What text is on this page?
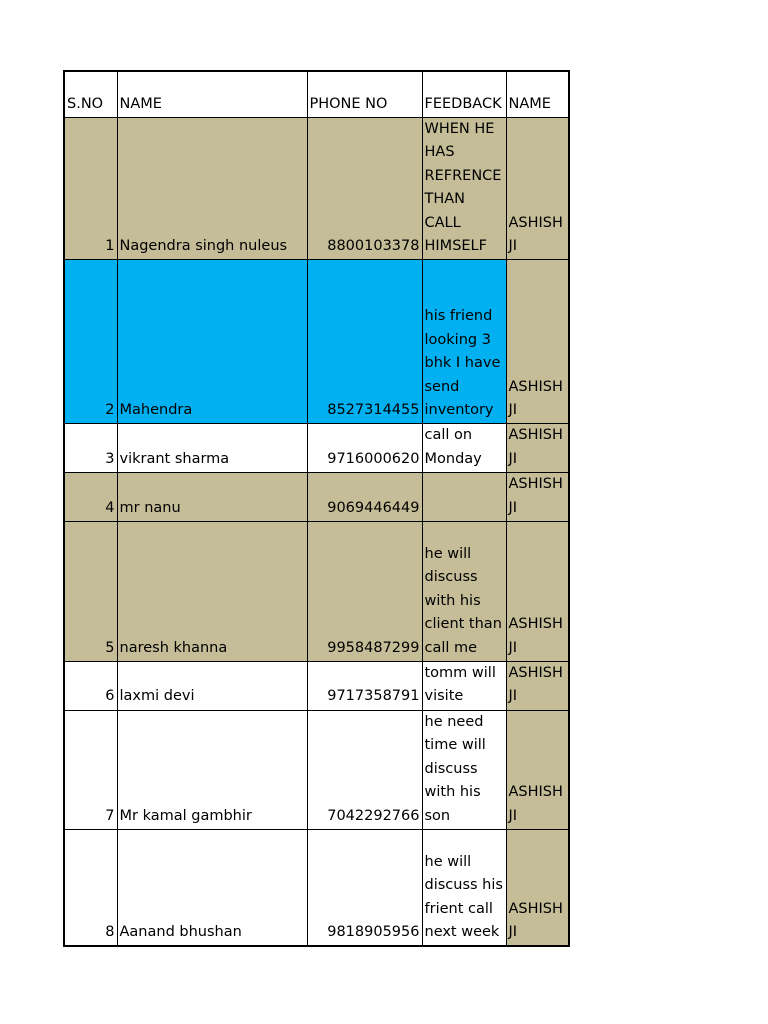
S.NO	NAME	PHONE NO	FEEDBACK	NAME
1	Nagendra singh nuleus	8800103378	WHEN HE HAS REFRENCE THAN CALL HIMSELF	ASHISH JI
2	Mahendra	8527314455	his friend looking 3 bhk I have send inventory	ASHISH JI
3	vikrant sharma	9716000620	call on Monday	ASHISH JI
4	mr nanu	9069446449		ASHISH JI
5	naresh khanna	9958487299	he will discuss with his client than call me	ASHISH JI
6	laxmi devi	9717358791	tomm will visite	ASHISH JI
7	Mr kamal gambhir	7042292766	he need time will discuss with his son	ASHISH JI
8	Aanand bhushan	9818905956	he will discuss his frient call next week	ASHISH JI
